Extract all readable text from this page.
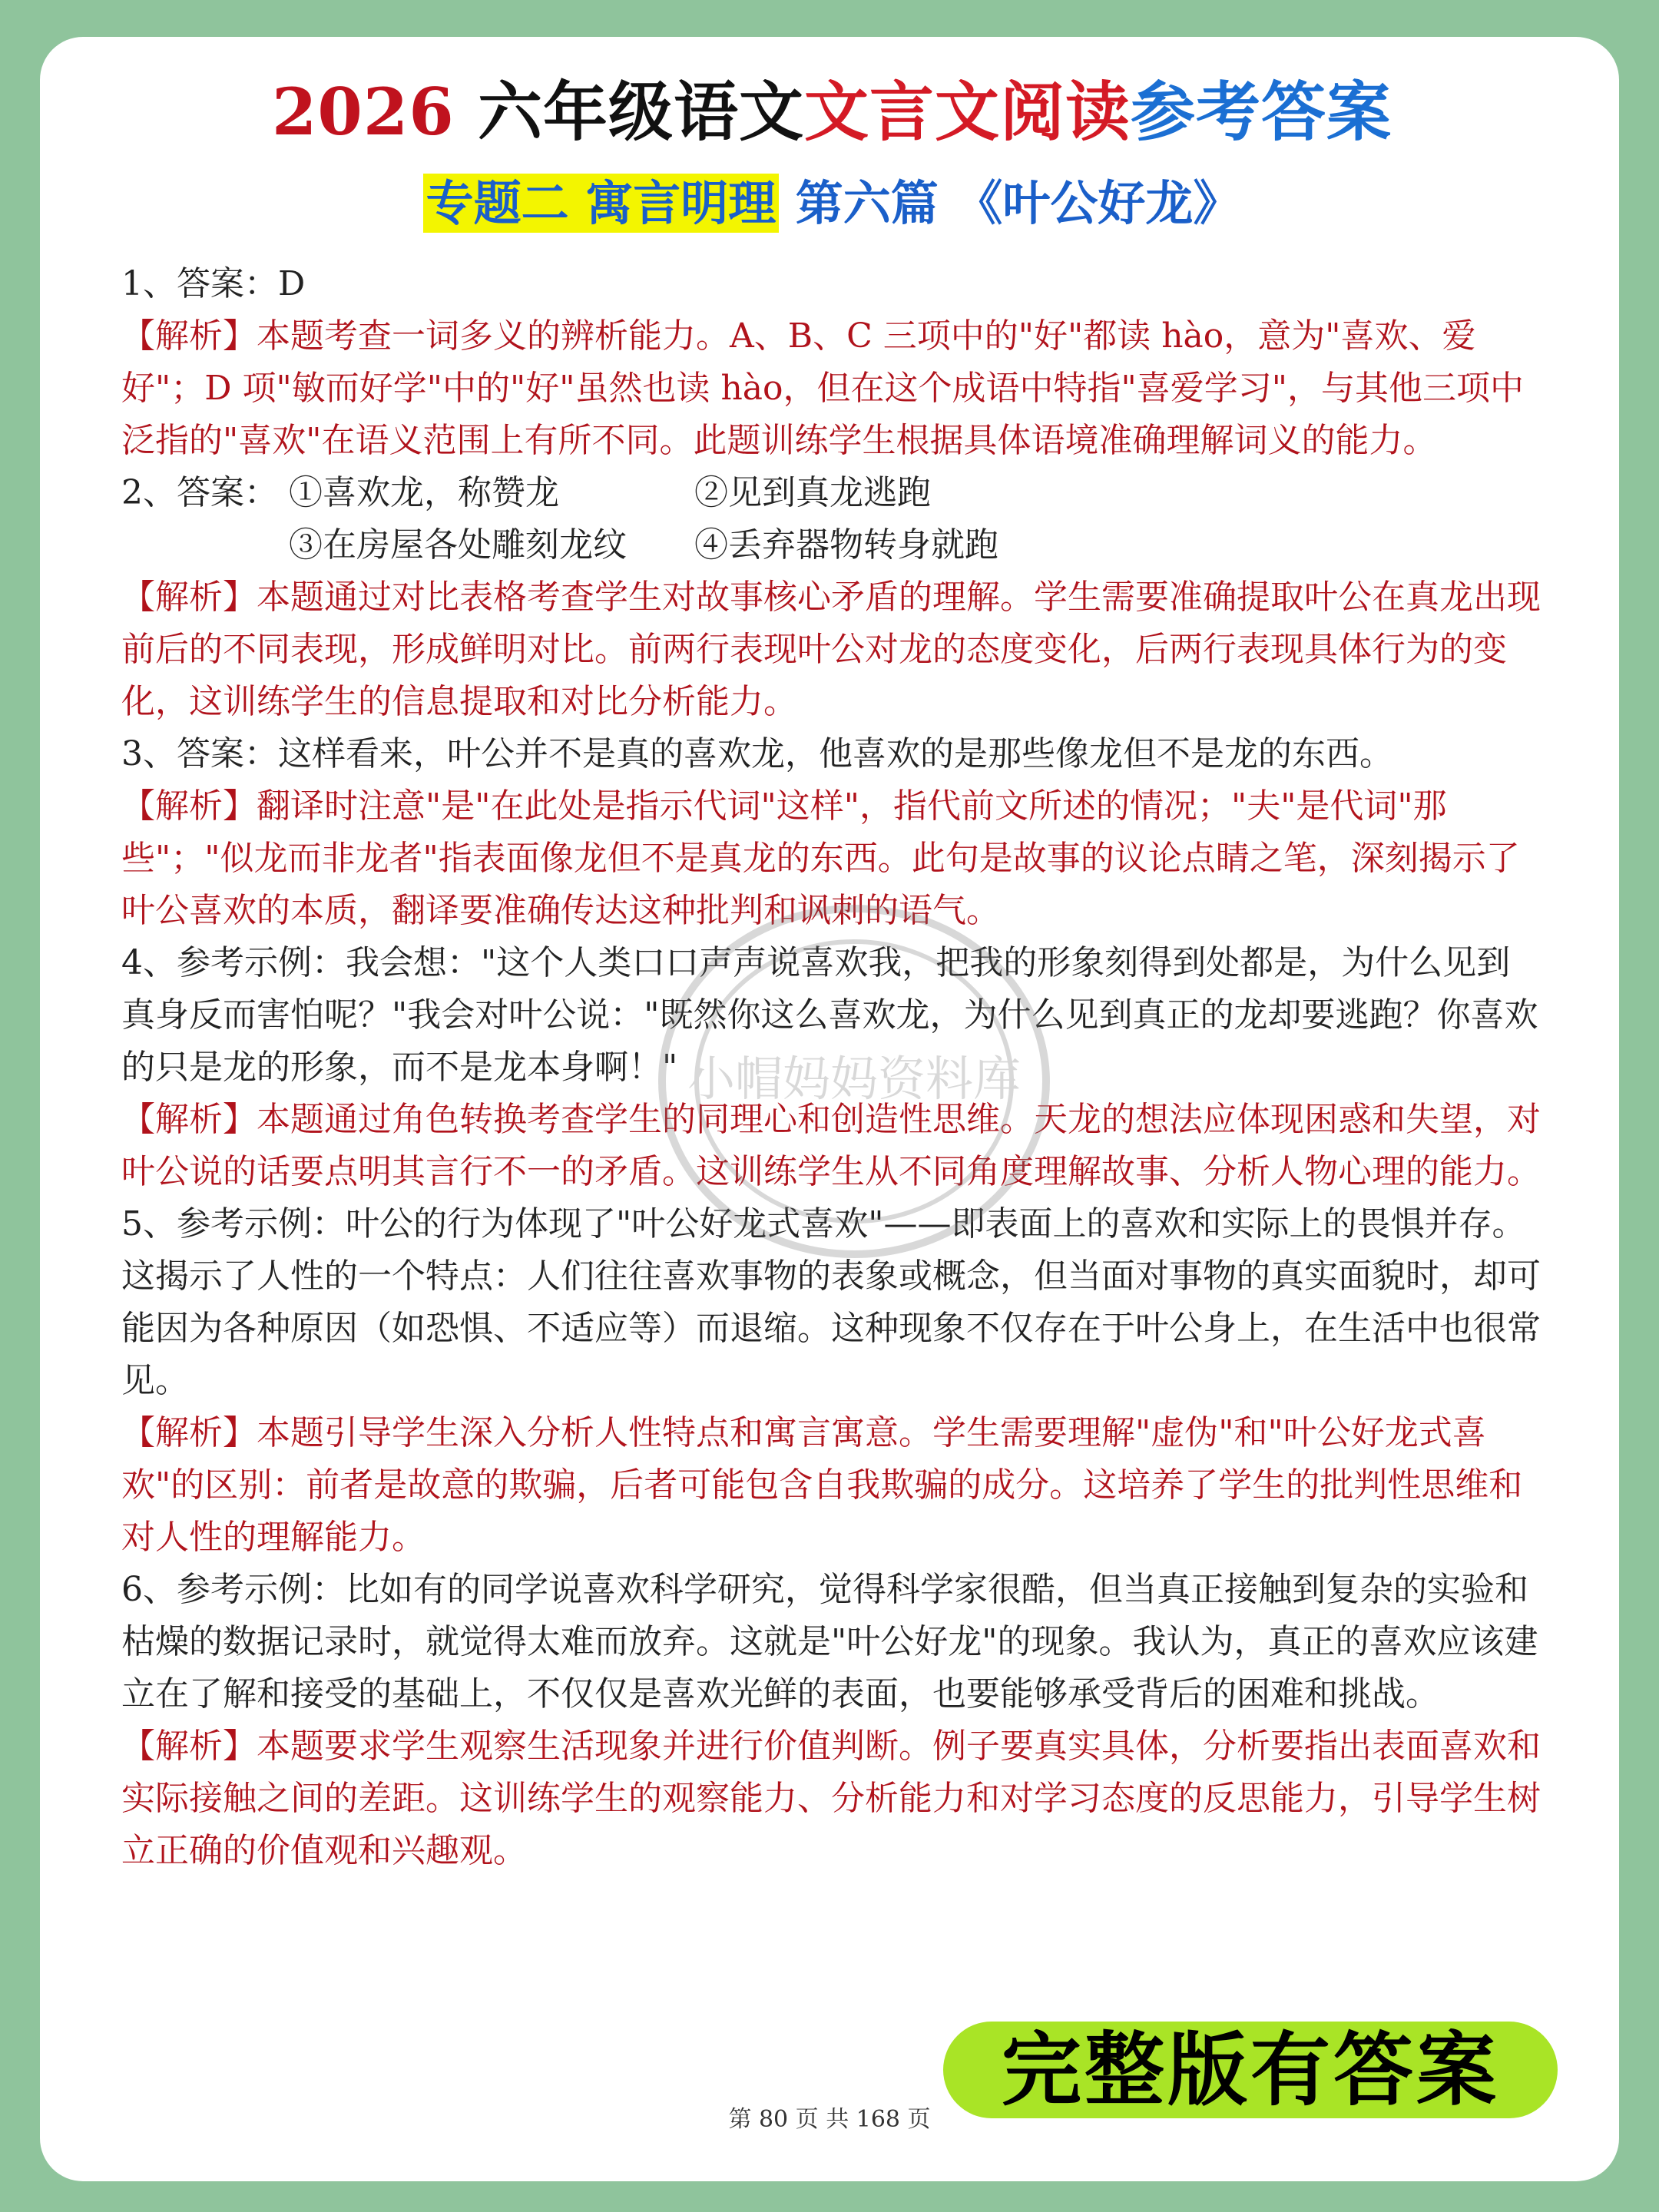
2026 六年级语文文言文阅读参考答案
专题二 寓言明理 第六篇 《叶公好龙》
1、答案：D
【解析】本题考查一词多义的辨析能力。A、B、C 三项中的"好"都读 hào，意为"喜欢、爱好"；D 项"敏而好学"中的"好"虽然也读 hào，但在这个成语中特指"喜爱学习"，与其他三项中泛指的"喜欢"在语义范围上有所不同。此题训练学生根据具体语境准确理解词义的能力。
2、答案： ①喜欢龙，称赞龙	②见到真龙逃跑
③在房屋各处雕刻龙纹	④丢弃器物转身就跑
【解析】本题通过对比表格考查学生对故事核心矛盾的理解。学生需要准确提取叶公在真龙出现前后的不同表现，形成鲜明对比。前两行表现叶公对龙的态度变化，后两行表现具体行为的变化，这训练学生的信息提取和对比分析能力。
3、答案：这样看来，叶公并不是真的喜欢龙，他喜欢的是那些像龙但不是龙的东西。
【解析】翻译时注意"是"在此处是指示代词"这样"，指代前文所述的情况；"夫"是代词"那些"；"似龙而非龙者"指表面像龙但不是真龙的东西。此句是故事的议论点睛之笔，深刻揭示了叶公喜欢的本质，翻译要准确传达这种批判和讽刺的语气。
4、参考示例：我会想："这个人类口口声声说喜欢我，把我的形象刻得到处都是，为什么见到真身反而害怕呢？"我会对叶公说："既然你这么喜欢龙，为什么见到真正的龙却要逃跑？你喜欢的只是龙的形象，而不是龙本身啊！"
【解析】本题通过角色转换考查学生的同理心和创造性思维。天龙的想法应体现困惑和失望，对叶公说的话要点明其言行不一的矛盾。这训练学生从不同角度理解故事、分析人物心理的能力。
5、参考示例：叶公的行为体现了"叶公好龙式喜欢"——即表面上的喜欢和实际上的畏惧并存。这揭示了人性的一个特点：人们往往喜欢事物的表象或概念，但当面对事物的真实面貌时，却可能因为各种原因（如恐惧、不适应等）而退缩。这种现象不仅存在于叶公身上，在生活中也很常见。
【解析】本题引导学生深入分析人性特点和寓言寓意。学生需要理解"虚伪"和"叶公好龙式喜欢"的区别：前者是故意的欺骗，后者可能包含自我欺骗的成分。这培养了学生的批判性思维和对人性的理解能力。
6、参考示例：比如有的同学说喜欢科学研究，觉得科学家很酷，但当真正接触到复杂的实验和枯燥的数据记录时，就觉得太难而放弃。这就是"叶公好龙"的现象。我认为，真正的喜欢应该建立在了解和接受的基础上，不仅仅是喜欢光鲜的表面，也要能够承受背后的困难和挑战。
【解析】本题要求学生观察生活现象并进行价值判断。例子要真实具体，分析要指出表面喜欢和实际接触之间的差距。这训练学生的观察能力、分析能力和对学习态度的反思能力，引导学生树立正确的价值观和兴趣观。
小帽妈妈资料库
完整版有答案
第 80 页 共 168 页
